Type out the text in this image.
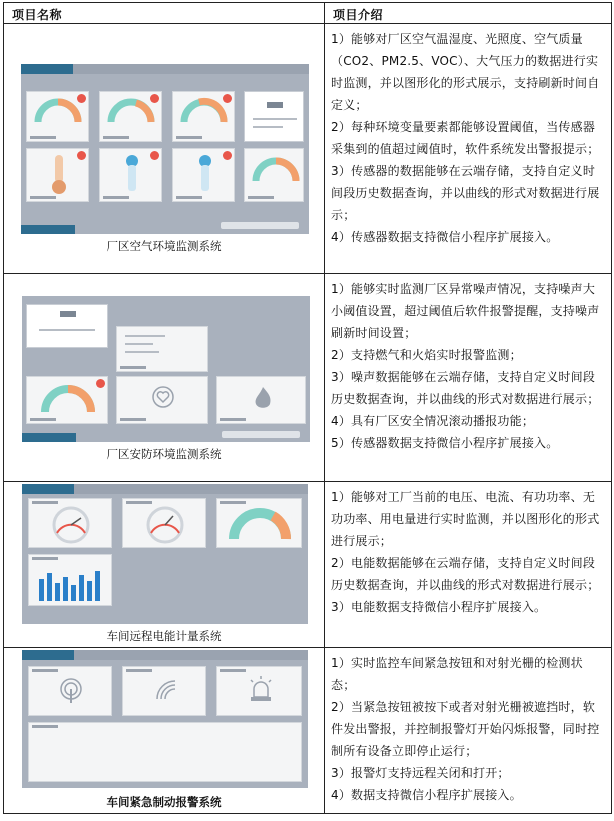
项目名称	项目介绍

厂区空气环境监测系统	1）能够对厂区空气温湿度、光照度、空气质量（CO2、PM2.5、VOC）、大气压力的数据进行实时监测，并以图形化的形式展示，支持刷新时间自定义；

2）每种环境变量要素都能够设置阈值，当传感器采集到的值超过阈值时，软件系统发出警报提示；

3）传感器的数据能够在云端存储，支持自定义时间段历史数据查询，并以曲线的形式对数据进行展示；

4）传感器数据支持微信小程序扩展接入。

厂区安防环境监测系统	1）能够实时监测厂区异常噪声情况，支持噪声大小阈值设置，超过阈值后软件报警提醒，支持噪声刷新时间设置；

2）支持燃气和火焰实时报警监测；

3）噪声数据能够在云端存储，支持自定义时间段历史数据查询，并以曲线的形式对数据进行展示；

4）具有厂区安全情况滚动播报功能；

5）传感器数据支持微信小程序扩展接入。

车间远程电能计量系统	1）能够对工厂当前的电压、电流、有功功率、无功功率、用电量进行实时监测，并以图形化的形式进行展示；

2）电能数据能够在云端存储，支持自定义时间段历史数据查询，并以曲线的形式对数据进行展示；

3）电能数据支持微信小程序扩展接入。

车间紧急制动报警系统	1）实时监控车间紧急按钮和对射光栅的检测状态；

2）当紧急按钮被按下或者对射光栅被遮挡时，软件发出警报，并控制报警灯开始闪烁报警，同时控制所有设备立即停止运行；

3）报警灯支持远程关闭和打开；

4）数据支持微信小程序扩展接入。
